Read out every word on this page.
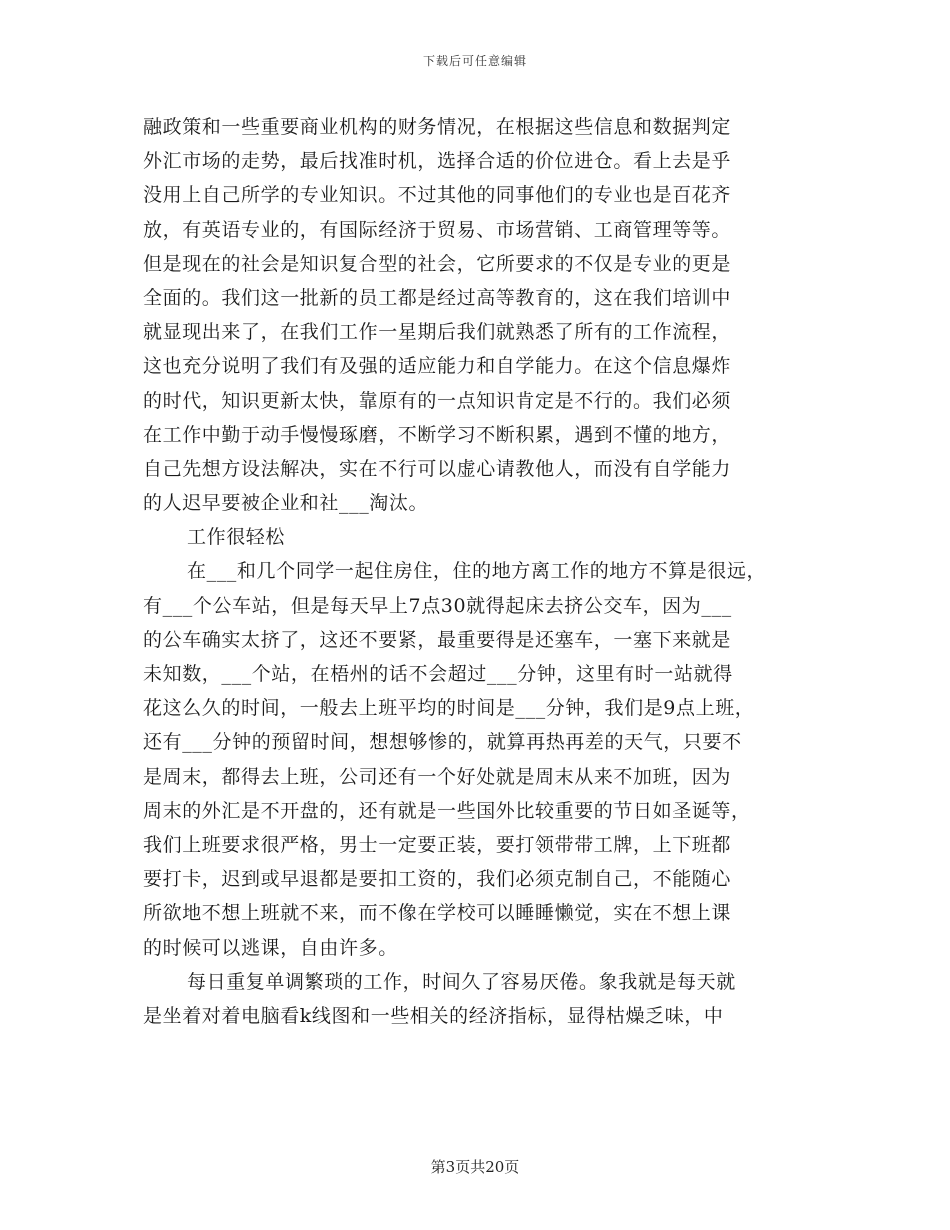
下载后可任意编辑
融政策和一些重要商业机构的财务情况，在根据这些信息和数据判定
外汇市场的走势，最后找准时机，选择合适的价位进仓。看上去是乎
没用上自己所学的专业知识。不过其他的同事他们的专业也是百花齐
放，有英语专业的，有国际经济于贸易、市场营销、工商管理等等。
但是现在的社会是知识复合型的社会，它所要求的不仅是专业的更是
全面的。我们这一批新的员工都是经过高等教育的，这在我们培训中
就显现出来了，在我们工作一星期后我们就熟悉了所有的工作流程，
这也充分说明了我们有及强的适应能力和自学能力。在这个信息爆炸
的时代，知识更新太快，靠原有的一点知识肯定是不行的。我们必须
在工作中勤于动手慢慢琢磨，不断学习不断积累，遇到不懂的地方，
自己先想方设法解决，实在不行可以虚心请教他人，而没有自学能力
的人迟早要被企业和社___淘汰。
工作很轻松
在___和几个同学一起住房住，住的地方离工作的地方不算是很远，
有___个公车站，但是每天早上7点30就得起床去挤公交车，因为___
的公车确实太挤了，这还不要紧，最重要得是还塞车，一塞下来就是
未知数，___个站，在梧州的话不会超过___分钟，这里有时一站就得
花这么久的时间，一般去上班平均的时间是___分钟，我们是9点上班，
还有___分钟的预留时间，想想够惨的，就算再热再差的天气，只要不
是周末，都得去上班，公司还有一个好处就是周末从来不加班，因为
周末的外汇是不开盘的，还有就是一些国外比较重要的节日如圣诞等，
我们上班要求很严格，男士一定要正装，要打领带带工牌，上下班都
要打卡，迟到或早退都是要扣工资的，我们必须克制自己，不能随心
所欲地不想上班就不来，而不像在学校可以睡睡懒觉，实在不想上课
的时候可以逃课，自由许多。
每日重复单调繁琐的工作，时间久了容易厌倦。象我就是每天就
是坐着对着电脑看k线图和一些相关的经济指标，显得枯燥乏味，中
第3页共20页
